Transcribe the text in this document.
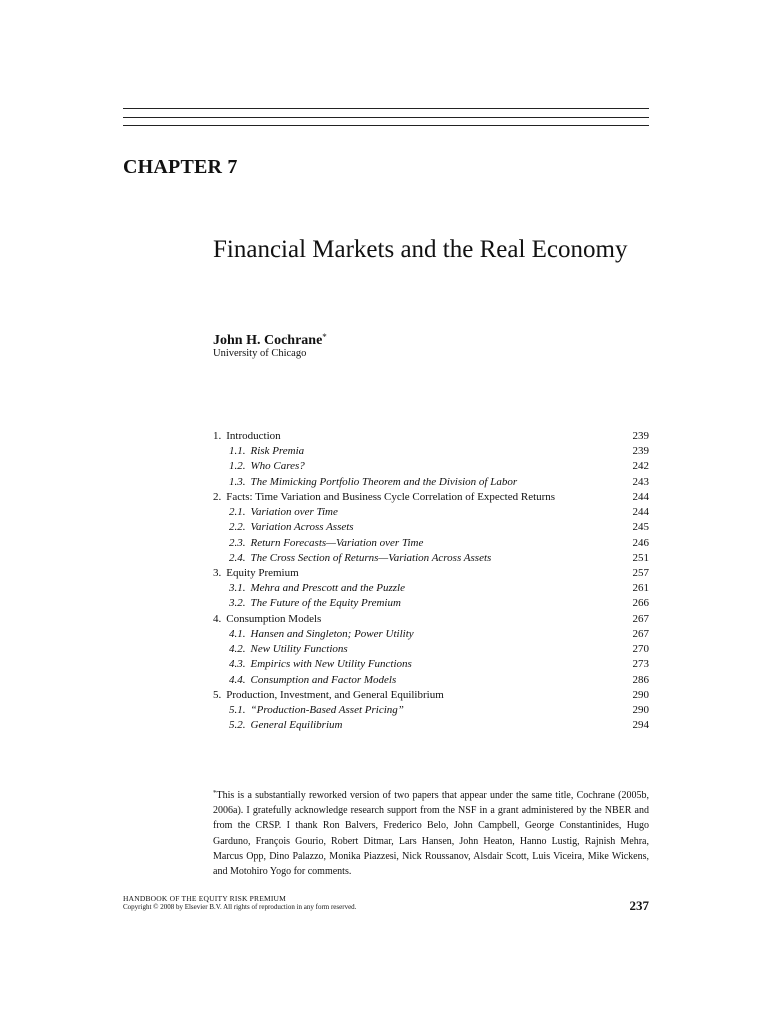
CHAPTER 7
Financial Markets and the Real Economy
John H. Cochrane*
University of Chicago
1. Introduction	239
1.1. Risk Premia	239
1.2. Who Cares?	242
1.3. The Mimicking Portfolio Theorem and the Division of Labor	243
2. Facts: Time Variation and Business Cycle Correlation of Expected Returns	244
2.1. Variation over Time	244
2.2. Variation Across Assets	245
2.3. Return Forecasts—Variation over Time	246
2.4. The Cross Section of Returns—Variation Across Assets	251
3. Equity Premium	257
3.1. Mehra and Prescott and the Puzzle	261
3.2. The Future of the Equity Premium	266
4. Consumption Models	267
4.1. Hansen and Singleton; Power Utility	267
4.2. New Utility Functions	270
4.3. Empirics with New Utility Functions	273
4.4. Consumption and Factor Models	286
5. Production, Investment, and General Equilibrium	290
5.1. “Production-Based Asset Pricing”	290
5.2. General Equilibrium	294

*This is a substantially reworked version of two papers that appear under the same title, Cochrane (2005b, 2006a). I gratefully acknowledge research support from the NSF in a grant administered by the NBER and from the CRSP. I thank Ron Balvers, Frederico Belo, John Campbell, George Constantinides, Hugo Garduno, François Gourio, Robert Ditmar, Lars Hansen, John Heaton, Hanno Lustig, Rajnish Mehra, Marcus Opp, Dino Palazzo, Monika Piazzesi, Nick Roussanov, Alsdair Scott, Luis Viceira, Mike Wickens, and Motohiro Yogo for comments.

HANDBOOK OF THE EQUITY RISK PREMIUM
Copyright © 2008 by Elsevier B.V. All rights of reproduction in any form reserved.	237
